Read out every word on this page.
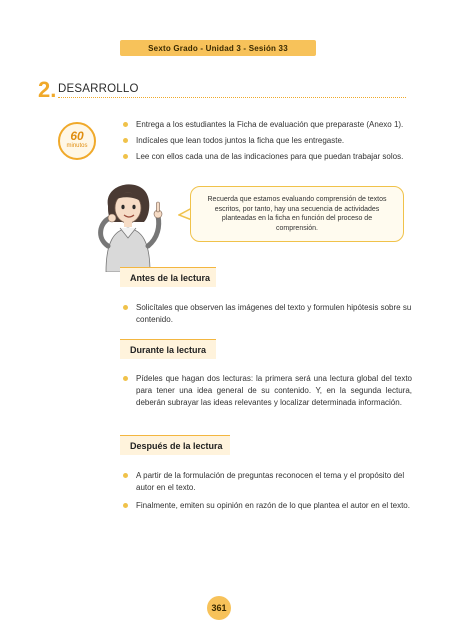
Sexto Grado - Unidad 3 - Sesión 33
2. DESARROLLO
60
minutos
Entrega a los estudiantes la Ficha de evaluación que preparaste (Anexo 1).
Indícales que lean todos juntos la ficha que les entregaste.
Lee con ellos cada una de las indicaciones para que puedan trabajar solos.
Recuerda que estamos evaluando comprensión de textos escritos, por tanto, hay una secuencia de actividades planteadas en la ficha en función del proceso de comprensión.
Antes de la lectura
Solicítales que observen las imágenes del texto y formulen hipótesis sobre su contenido.
Durante la lectura
Pídeles que hagan dos lecturas: la primera será una lectura global del texto para tener una idea general de su contenido. Y, en la segunda lectura, deberán subrayar las ideas relevantes y localizar determinada información.
Después de la lectura
A partir de la formulación de preguntas reconocen el tema y el propósito del autor en el texto.
Finalmente, emiten su opinión en razón de lo que plantea el autor en el texto.
361
